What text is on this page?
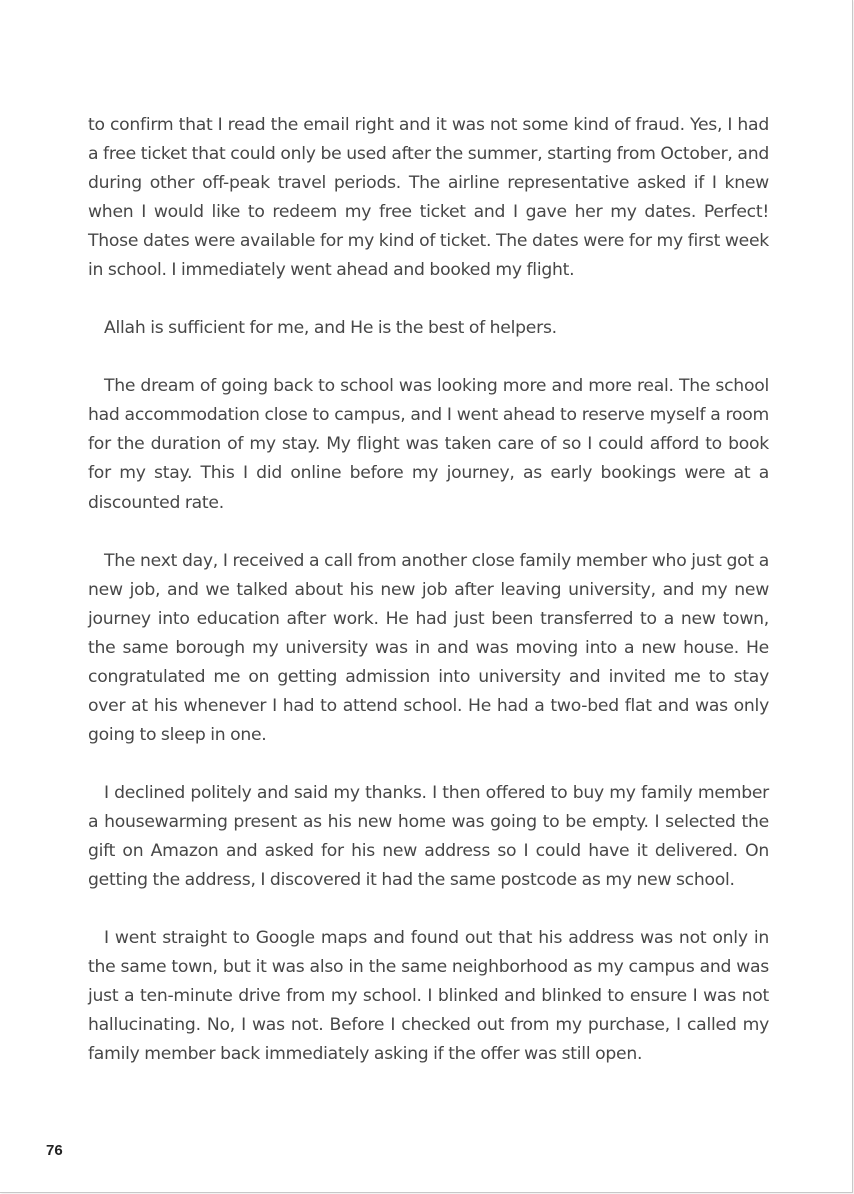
to confirm that I read the email right and it was not some kind of fraud. Yes, I had a free ticket that could only be used after the summer, starting from October, and during other off-peak travel periods. The airline representative asked if I knew when I would like to redeem my free ticket and I gave her my dates. Perfect! Those dates were available for my kind of ticket. The dates were for my first week in school. I immediately went ahead and booked my flight.

Allah is sufficient for me, and He is the best of helpers.

The dream of going back to school was looking more and more real. The school had accommodation close to campus, and I went ahead to reserve myself a room for the duration of my stay. My flight was taken care of so I could afford to book for my stay. This I did online before my journey, as early bookings were at a discounted rate.

The next day, I received a call from another close family member who just got a new job, and we talked about his new job after leaving university, and my new journey into education after work. He had just been transferred to a new town, the same borough my university was in and was moving into a new house. He congratulated me on getting admission into university and invited me to stay over at his whenever I had to attend school. He had a two-bed flat and was only going to sleep in one.

I declined politely and said my thanks. I then offered to buy my family member a housewarming present as his new home was going to be empty. I selected the gift on Amazon and asked for his new address so I could have it delivered. On getting the address, I discovered it had the same postcode as my new school.

I went straight to Google maps and found out that his address was not only in the same town, but it was also in the same neighborhood as my campus and was just a ten-minute drive from my school. I blinked and blinked to ensure I was not hallucinating. No, I was not. Before I checked out from my purchase, I called my family member back immediately asking if the offer was still open.

76
